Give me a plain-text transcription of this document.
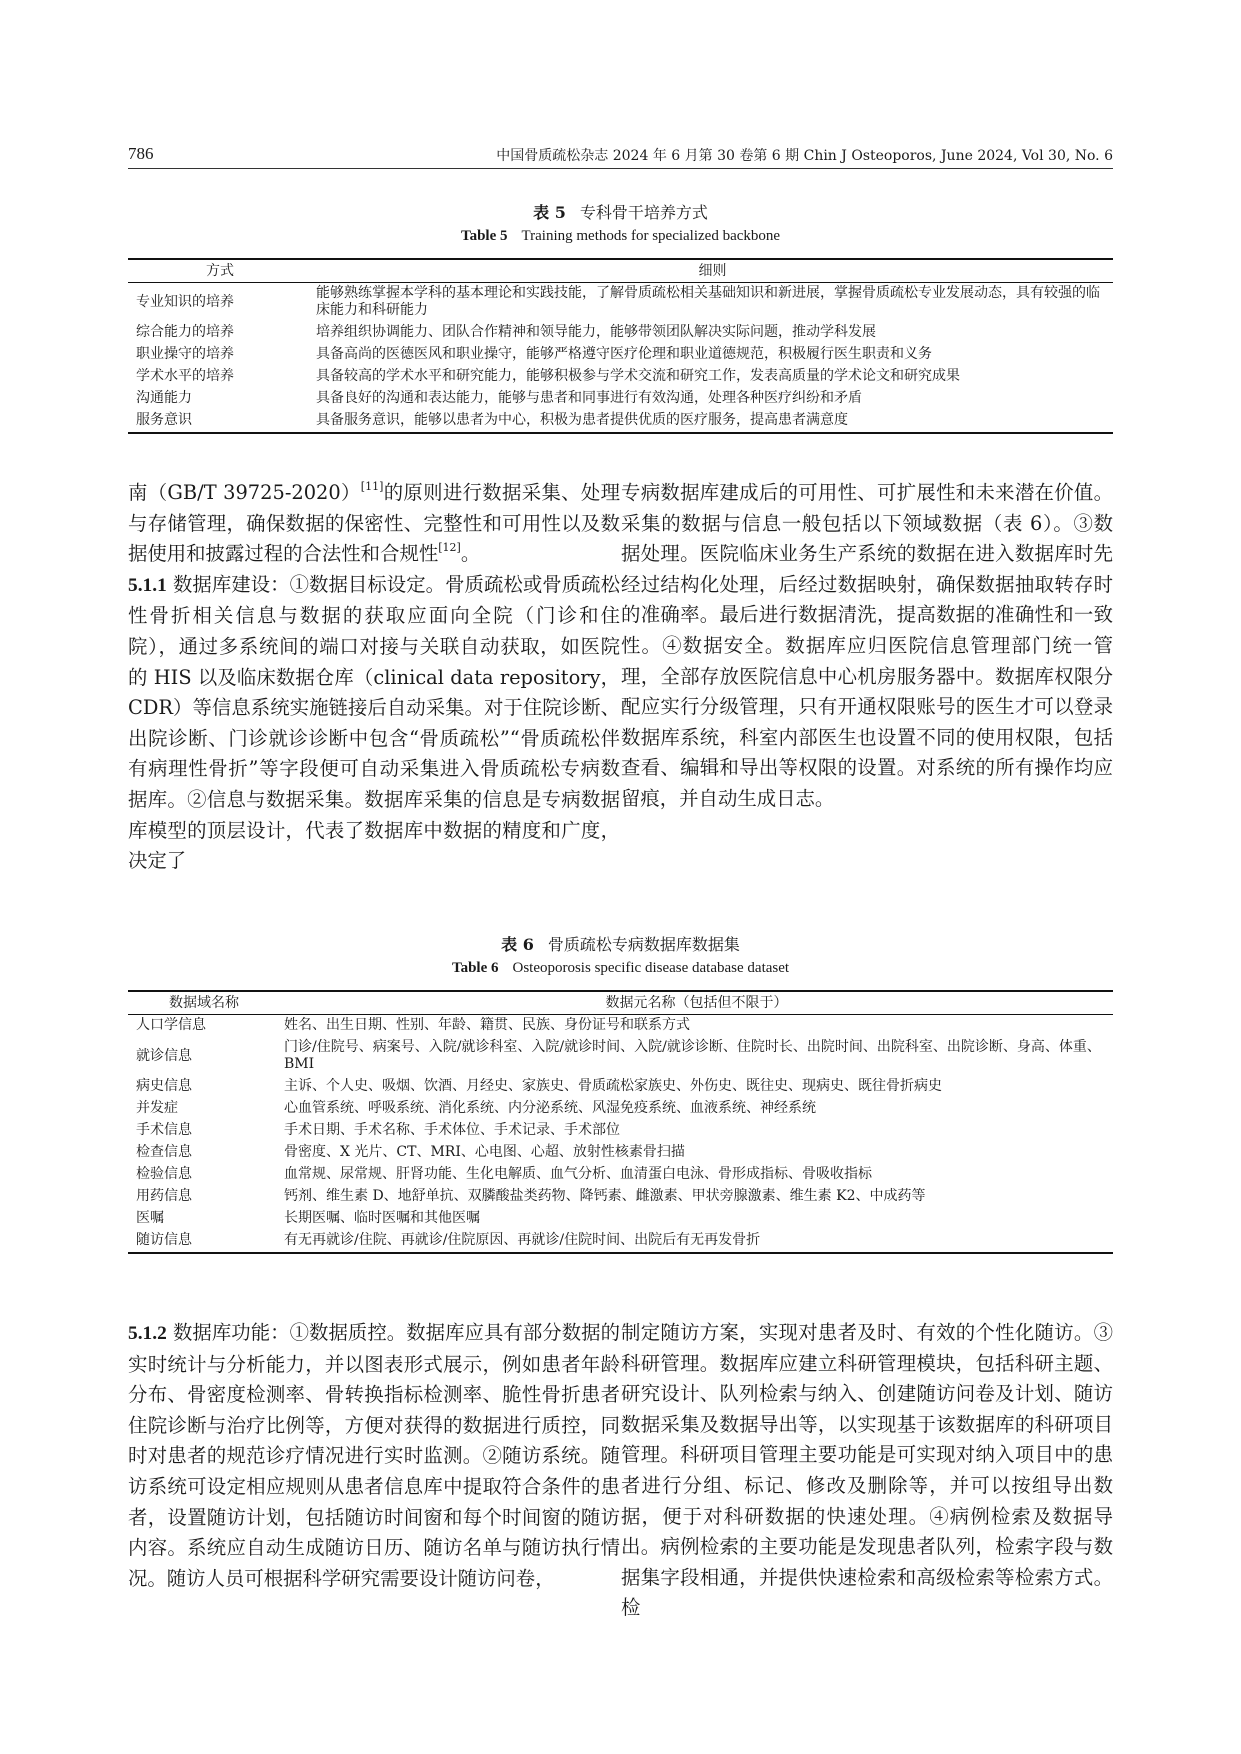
786	中国骨质疏松杂志 2024 年 6 月第 30 卷第 6 期 Chin J Osteoporos, June 2024, Vol 30, No. 6
表 5 专科骨干培养方式
Table 5 Training methods for specialized backbone
方式	细则
专业知识的培养	能够熟练掌握本学科的基本理论和实践技能，了解骨质疏松相关基础知识和新进展，掌握骨质疏松专业发展动态，具有较强的临床能力和科研能力
综合能力的培养	培养组织协调能力、团队合作精神和领导能力，能够带领团队解决实际问题，推动学科发展
职业操守的培养	具备高尚的医德医风和职业操守，能够严格遵守医疗伦理和职业道德规范，积极履行医生职责和义务
学术水平的培养	具备较高的学术水平和研究能力，能够积极参与学术交流和研究工作，发表高质量的学术论文和研究成果
沟通能力	具备良好的沟通和表达能力，能够与患者和同事进行有效沟通，处理各种医疗纠纷和矛盾
服务意识	具备服务意识，能够以患者为中心，积极为患者提供优质的医疗服务，提高患者满意度

南（GB/T 39725-2020）[11]的原则进行数据采集、处理与存储管理，确保数据的保密性、完整性和可用性以及数据使用和披露过程的合法性和合规性[12]。

5.1.1 数据库建设：①数据目标设定。骨质疏松或骨质疏松性骨折相关信息与数据的获取应面向全院（门诊和住院），通过多系统间的端口对接与关联自动获取，如医院的 HIS 以及临床数据仓库（clinical data repository，CDR）等信息系统实施链接后自动采集。对于住院诊断、出院诊断、门诊就诊诊断中包含“骨质疏松”“骨质疏松伴有病理性骨折”等字段便可自动采集进入骨质疏松专病数据库。②信息与数据采集。数据库采集的信息是专病数据库模型的顶层设计，代表了数据库中数据的精度和广度，决定了

专病数据库建成后的可用性、可扩展性和未来潜在价值。采集的数据与信息一般包括以下领域数据（表 6）。③数据处理。医院临床业务生产系统的数据在进入数据库时先经过结构化处理，后经过数据映射，确保数据抽取转存时的准确率。最后进行数据清洗，提高数据的准确性和一致性。④数据安全。数据库应归医院信息管理部门统一管理，全部存放医院信息中心机房服务器中。数据库权限分配应实行分级管理，只有开通权限账号的医生才可以登录数据库系统，科室内部医生也设置不同的使用权限，包括查看、编辑和导出等权限的设置。对系统的所有操作均应留痕，并自动生成日志。

表 6 骨质疏松专病数据库数据集
Table 6 Osteoporosis specific disease database dataset
数据域名称	数据元名称（包括但不限于）
人口学信息	姓名、出生日期、性别、年龄、籍贯、民族、身份证号和联系方式
就诊信息	门诊/住院号、病案号、入院/就诊科室、入院/就诊时间、入院/就诊诊断、住院时长、出院时间、出院科室、出院诊断、身高、体重、BMI
病史信息	主诉、个人史、吸烟、饮酒、月经史、家族史、骨质疏松家族史、外伤史、既往史、现病史、既往骨折病史
并发症	心血管系统、呼吸系统、消化系统、内分泌系统、风湿免疫系统、血液系统、神经系统
手术信息	手术日期、手术名称、手术体位、手术记录、手术部位
检查信息	骨密度、X 光片、CT、MRI、心电图、心超、放射性核素骨扫描
检验信息	血常规、尿常规、肝肾功能、生化电解质、血气分析、血清蛋白电泳、骨形成指标、骨吸收指标
用药信息	钙剂、维生素 D、地舒单抗、双膦酸盐类药物、降钙素、雌激素、甲状旁腺激素、维生素 K2、中成药等
医嘱	长期医嘱、临时医嘱和其他医嘱
随访信息	有无再就诊/住院、再就诊/住院原因、再就诊/住院时间、出院后有无再发骨折

5.1.2 数据库功能：①数据质控。数据库应具有部分数据的实时统计与分析能力，并以图表形式展示，例如患者年龄分布、骨密度检测率、骨转换指标检测率、脆性骨折患者住院诊断与治疗比例等，方便对获得的数据进行质控，同时对患者的规范诊疗情况进行实时监测。②随访系统。随访系统可设定相应规则从患者信息库中提取符合条件的患者，设置随访计划，包括随访时间窗和每个时间窗的随访内容。系统应自动生成随访日历、随访名单与随访执行情况。随访人员可根据科学研究需要设计随访问卷，

制定随访方案，实现对患者及时、有效的个性化随访。③科研管理。数据库应建立科研管理模块，包括科研主题、研究设计、队列检索与纳入、创建随访问卷及计划、随访数据采集及数据导出等，以实现基于该数据库的科研项目管理。科研项目管理主要功能是可实现对纳入项目中的患者进行分组、标记、修改及删除等，并可以按组导出数据，便于对科研数据的快速处理。④病例检索及数据导出。病例检索的主要功能是发现患者队列，检索字段与数据集字段相通，并提供快速检索和高级检索等检索方式。检
